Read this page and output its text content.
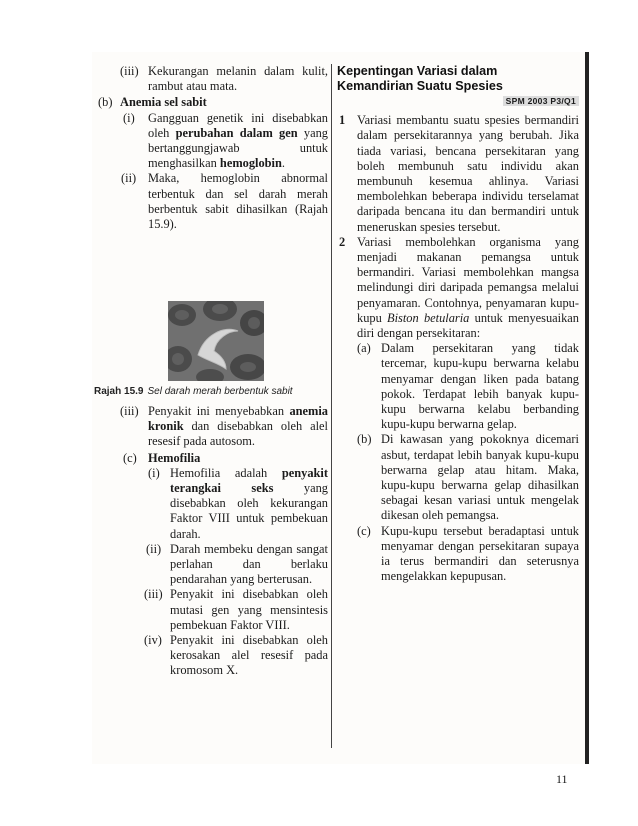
(iii) Kekurangan melanin dalam kulit, rambut atau mata.
(b) Anemia sel sabit
(i) Gangguan genetik ini disebabkan oleh perubahan dalam gen yang bertanggungjawab untuk menghasilkan hemoglobin.

(ii) Maka, hemoglobin abnormal terbentuk dan sel darah merah berbentuk sabit dihasilkan (Rajah 15.9).
Rajah 15.9 Sel darah merah berbentuk sabit
(iii) Penyakit ini menyebabkan anemia kronik dan disebabkan oleh alel resesif pada autosom.

(c) Hemofilia
(i) Hemofilia adalah penyakit terangkai seks yang disebabkan oleh kekurangan Faktor VIII untuk pembekuan darah.

(ii) Darah membeku dengan sangat perlahan dan berlaku pendarahan yang berterusan.
(iii) Penyakit ini disebabkan oleh mutasi gen yang mensintesis pembekuan Faktor VIII.
(iv) Penyakit ini disebabkan oleh kerosakan alel resesif pada kromosom X.
Kepentingan Variasi dalam
Kemandirian Suatu Spesies
SPM 2003 P3/Q1
1 Variasi membantu suatu spesies bermandiri dalam persekitarannya yang berubah. Jika tiada variasi, bencana persekitaran yang boleh membunuh satu individu akan membunuh kesemua ahlinya. Variasi membolehkan beberapa individu terselamat daripada bencana itu dan bermandiri untuk meneruskan spesies tersebut.
2 Variasi membolehkan organisma yang menjadi makanan pemangsa untuk bermandiri. Variasi membolehkan mangsa melindungi diri daripada pemangsa melalui penyamaran. Contohnya, penyamaran kupu-kupu Biston betularia untuk menyesuaikan diri dengan persekitaran:

(a) Dalam persekitaran yang tidak tercemar, kupu-kupu berwarna kelabu menyamar dengan liken pada batang pokok. Terdapat lebih banyak kupu-kupu berwarna kelabu berbanding kupu-kupu berwarna gelap.
(b) Di kawasan yang pokoknya dicemari asbut, terdapat lebih banyak kupu-kupu berwarna gelap atau hitam. Maka, kupu-kupu berwarna gelap dihasilkan sebagai kesan variasi untuk mengelak dikesan oleh pemangsa.
(c) Kupu-kupu tersebut beradaptasi untuk menyamar dengan persekitaran supaya ia terus bermandiri dan seterusnya mengelakkan kepupusan.
11
